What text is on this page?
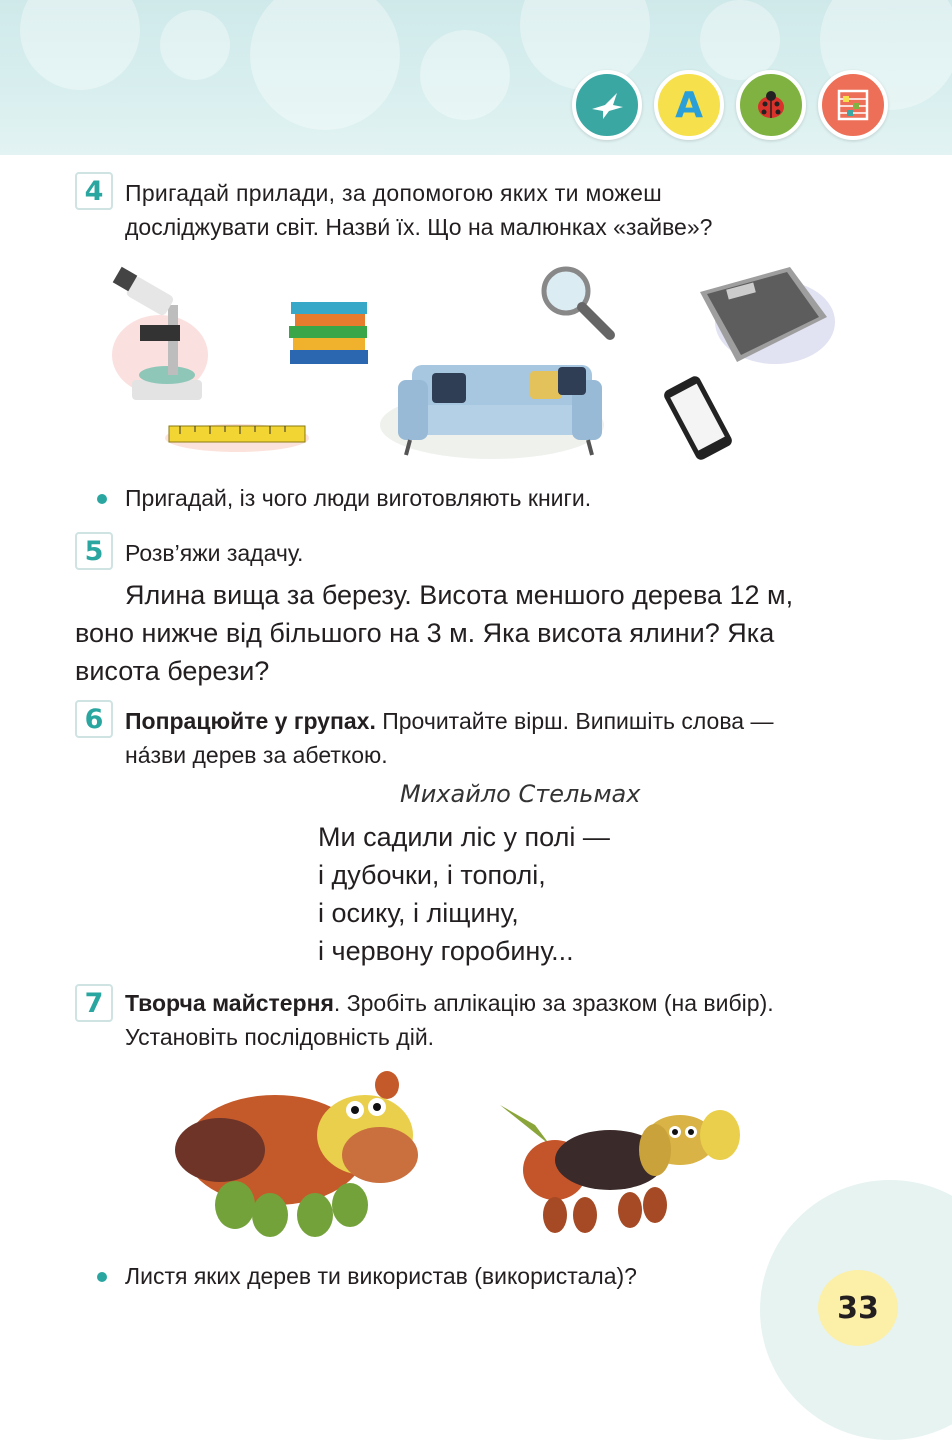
А
4 Пригадай прилади, за допомогою яких ти можеш
досліджувати світ. Назви́ їх. Що на малюнках «зайве»?
Пригадай, із чого люди виготовляють книги.
5 Розв’яжи задачу.
Ялина вища за березу. Висота меншого дерева 12 м,
воно нижче від більшого на 3 м. Яка висота ялини? Яка
висота берези?
6 Попрацюйте у групах. Прочитайте вірш. Випишіть слова —
на́зви дерев за абеткою.
Михайло Стельмах
Ми садили ліс у полі —
і дубочки, і тополі,
і осику, і ліщину,
і червону горобину...
7 Творча майстерня. Зробіть аплікацію за зразком (на вибір).
Установіть послідовність дій.
Листя яких дерев ти використав (використала)?
33
